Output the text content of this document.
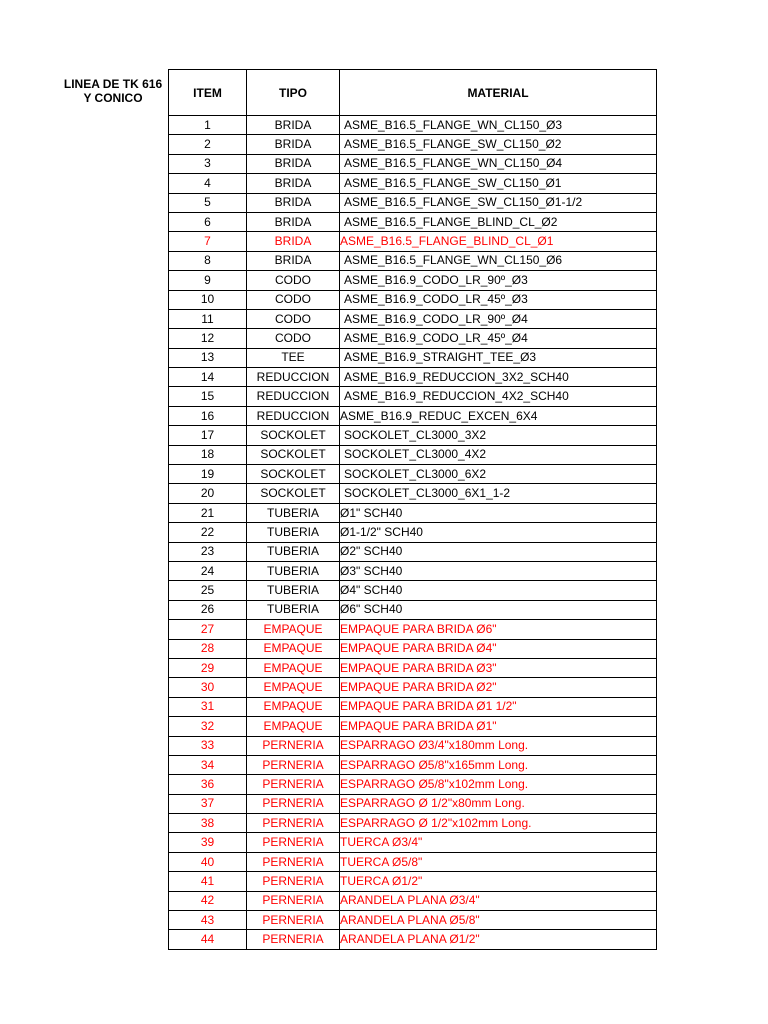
LINEA DE TK 616
Y CONICO	ITEM	TIPO	MATERIAL
1	BRIDA	ASME_B16.5_FLANGE_WN_CL150_Ø3
2	BRIDA	ASME_B16.5_FLANGE_SW_CL150_Ø2
3	BRIDA	ASME_B16.5_FLANGE_WN_CL150_Ø4
4	BRIDA	ASME_B16.5_FLANGE_SW_CL150_Ø1
5	BRIDA	ASME_B16.5_FLANGE_SW_CL150_Ø1-1/2
6	BRIDA	ASME_B16.5_FLANGE_BLIND_CL_Ø2
7	BRIDA	ASME_B16.5_FLANGE_BLIND_CL_Ø1
8	BRIDA	ASME_B16.5_FLANGE_WN_CL150_Ø6
9	CODO	ASME_B16.9_CODO_LR_90º_Ø3
10	CODO	ASME_B16.9_CODO_LR_45º_Ø3
11	CODO	ASME_B16.9_CODO_LR_90º_Ø4
12	CODO	ASME_B16.9_CODO_LR_45º_Ø4
13	TEE	ASME_B16.9_STRAIGHT_TEE_Ø3
14	REDUCCION	ASME_B16.9_REDUCCION_3X2_SCH40
15	REDUCCION	ASME_B16.9_REDUCCION_4X2_SCH40
16	REDUCCION	ASME_B16.9_REDUC_EXCEN_6X4
17	SOCKOLET	SOCKOLET_CL3000_3X2
18	SOCKOLET	SOCKOLET_CL3000_4X2
19	SOCKOLET	SOCKOLET_CL3000_6X2
20	SOCKOLET	SOCKOLET_CL3000_6X1_1-2
21	TUBERIA	Ø1" SCH40
22	TUBERIA	Ø1-1/2" SCH40
23	TUBERIA	Ø2" SCH40
24	TUBERIA	Ø3" SCH40
25	TUBERIA	Ø4" SCH40
26	TUBERIA	Ø6" SCH40
27	EMPAQUE	EMPAQUE PARA BRIDA Ø6"
28	EMPAQUE	EMPAQUE PARA BRIDA Ø4"
29	EMPAQUE	EMPAQUE PARA BRIDA Ø3"
30	EMPAQUE	EMPAQUE PARA BRIDA Ø2"
31	EMPAQUE	EMPAQUE PARA BRIDA Ø1 1/2"
32	EMPAQUE	EMPAQUE PARA BRIDA Ø1"
33	PERNERIA	ESPARRAGO Ø3/4"x180mm Long.
34	PERNERIA	ESPARRAGO Ø5/8"x165mm Long.
36	PERNERIA	ESPARRAGO Ø5/8"x102mm Long.
37	PERNERIA	ESPARRAGO Ø 1/2"x80mm Long.
38	PERNERIA	ESPARRAGO Ø 1/2"x102mm Long.
39	PERNERIA	TUERCA Ø3/4"
40	PERNERIA	TUERCA Ø5/8"
41	PERNERIA	TUERCA Ø1/2"
42	PERNERIA	ARANDELA PLANA Ø3/4"
43	PERNERIA	ARANDELA PLANA Ø5/8"
44	PERNERIA	ARANDELA PLANA Ø1/2"
